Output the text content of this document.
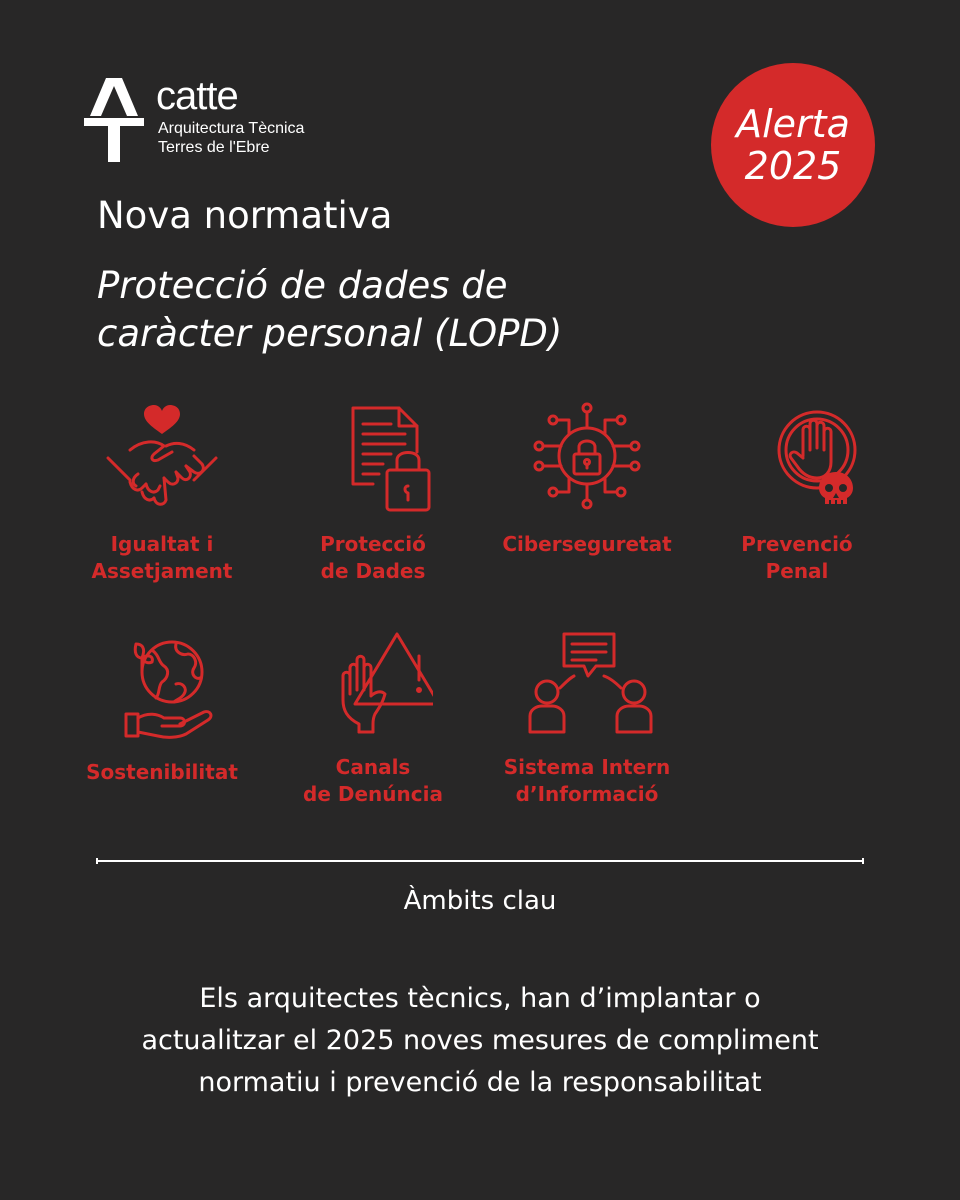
catte
Arquitectura Tècnica
Terres de l'Ebre
Alerta
2025
Nova normativa
Protecció de dades de
caràcter personal (LOPD)
Igualtat i
Assetjament
Protecció
de Dades
Ciberseguretat	Prevenció
Penal
Sostenibilitat	Canals
de Denúncia
Sistema Intern
d’Informació
Àmbits clau
Els arquitectes tècnics, han d’implantar o
actualitzar el 2025 noves mesures de compliment
normatiu i prevenció de la responsabilitat
